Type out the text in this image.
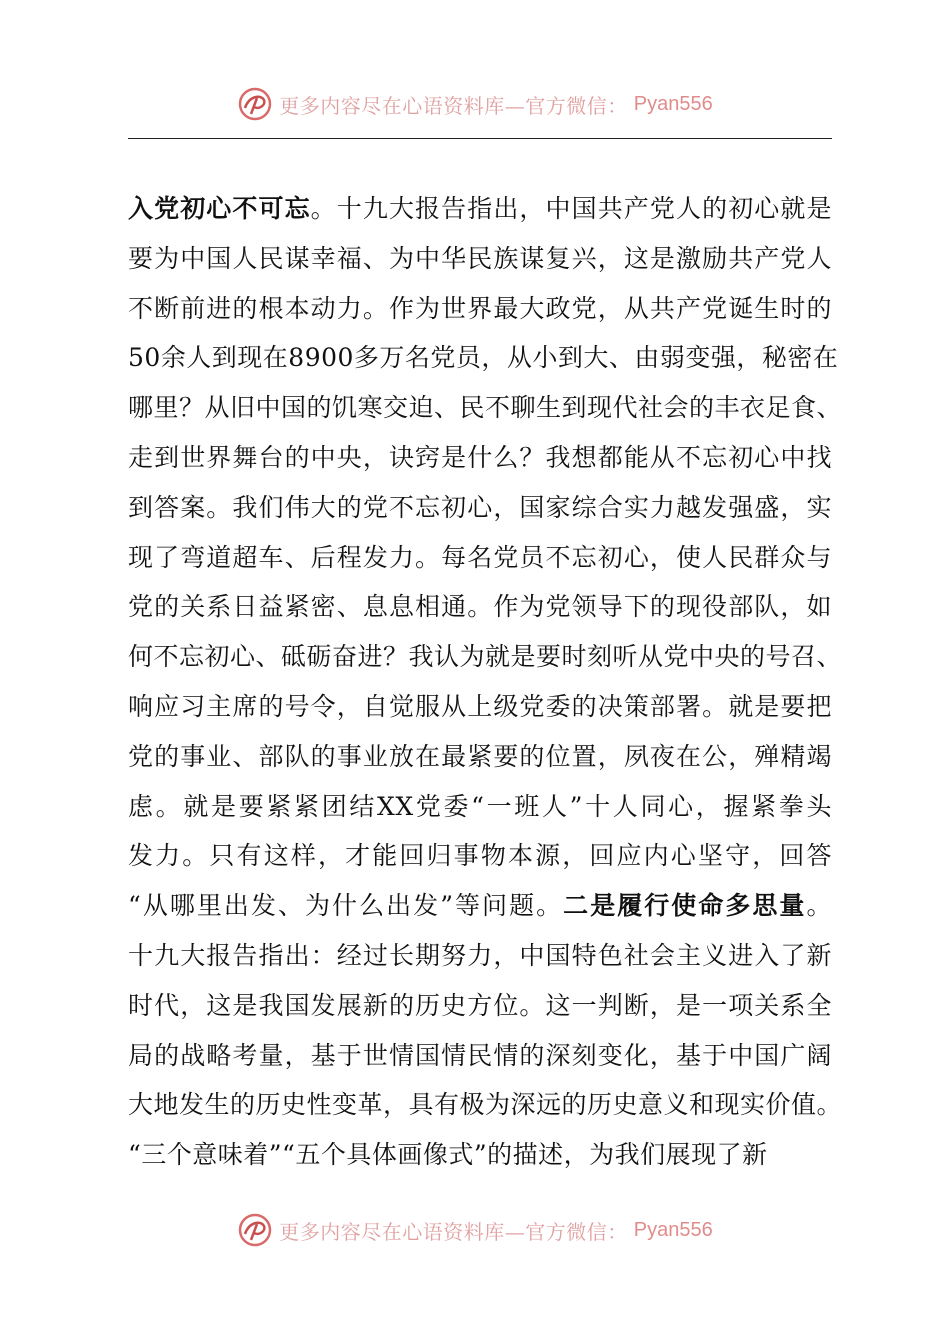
更多内容尽在心语资料库—官方微信： Pyan556
入党初心不可忘。十九大报告指出，中国共产党人的初心就是
要为中国人民谋幸福、为中华民族谋复兴，这是激励共产党人
不断前进的根本动力。作为世界最大政党，从共产党诞生时的
50余人到现在8900多万名党员，从小到大、由弱变强，秘密在
哪里？从旧中国的饥寒交迫、民不聊生到现代社会的丰衣足食、
走到世界舞台的中央，诀窍是什么？我想都能从不忘初心中找
到答案。我们伟大的党不忘初心，国家综合实力越发强盛，实
现了弯道超车、后程发力。每名党员不忘初心，使人民群众与
党的关系日益紧密、息息相通。作为党领导下的现役部队，如
何不忘初心、砥砺奋进？我认为就是要时刻听从党中央的号召、
响应习主席的号令，自觉服从上级党委的决策部署。就是要把
党的事业、部队的事业放在最紧要的位置，夙夜在公，殚精竭
虑。就是要紧紧团结XX党委“一班人”十人同心，握紧拳头
发力。只有这样，才能回归事物本源，回应内心坚守，回答
“从哪里出发、为什么出发”等问题。二是履行使命多思量。
十九大报告指出：经过长期努力，中国特色社会主义进入了新
时代，这是我国发展新的历史方位。这一判断，是一项关系全
局的战略考量，基于世情国情民情的深刻变化，基于中国广阔
大地发生的历史性变革，具有极为深远的历史意义和现实价值。
“三个意味着”“五个具体画像式”的描述，为我们展现了新
更多内容尽在心语资料库—官方微信： Pyan556
